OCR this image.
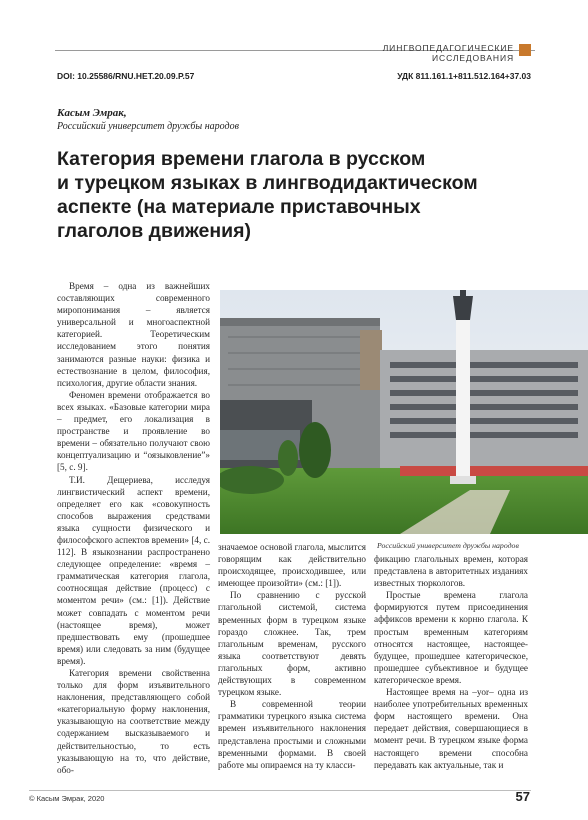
ЛИНГВОПЕДАГОГИЧЕСКИЕ ИССЛЕДОВАНИЯ
DOI: 10.25586/RNU.HET.20.09.P.57	УДК 811.161.1+811.512.164+37.03
Касым Эмрак,
Российский университет дружбы народов
Категория времени глагола в русском
и турецком языках в лингводидактическом
аспекте (на материале приставочных
глаголов движения)

Время – одна из важнейших составляющих современного миропонимания – является универсальной и многоаспектной категорией. Теоретическим исследованием этого понятия занимаются разные науки: физика и естествознание в целом, философия, психология, другие области знания.

Феномен времени отображается во всех языках. «Базовые категории мира – предмет, его локализация в пространстве и проявление во времени – обязательно получают свою концептуализацию и “оязыковление”» [5, с. 9].

Т.И. Дещериева, исследуя лингвистический аспект времени, определяет его как «совокупность способов выражения средствами языка сущности физического и философского аспектов времени» [4, с. 112]. В языкознании распространено следующее определение: «время – грамматическая категория глагола, соотносящая действие (процесс) с моментом речи» (см.: [1]). Действие может совпадать с моментом речи (настоящее время), может предшествовать ему (прошедшее время) или следовать за ним (будущее время).

Категория времени свойственна только для форм изъявительного наклонения, представляющего собой «категориальную форму наклонения, указывающую на соответствие между содержанием высказываемого и действительностью, то есть указывающую на то, что действие, обо-

Российский университет дружбы народов

значаемое основой глагола, мыслится говорящим как действительно происходящее, происходившее, или имеющее произойти» (см.: [1]).

По сравнению с русской глагольной системой, система временных форм в турецком языке гораздо сложнее. Так, трем глагольным временам, русского языка соответствуют девять глагольных форм, активно действующих в современном турецком языке.

В современной теории грамматики турецкого языка система времен изъявительного наклонения представлена простыми и сложными временными формами. В своей работе мы опираемся на ту класси-

фикацию глагольных времен, которая представлена в авторитетных изданиях известных тюркологов.

Простые времена глагола формируются путем присоединения аффиксов времени к корню глагола. К простым временным категориям относятся настоящее, настоящее-будущее, прошедшее категорическое, прошедшее субъективное и будущее категорическое время.

Настоящее время на –yor– одна из наиболее употребительных временных форм настоящего времени. Она передает действия, совершающиеся в момент речи. В турецком языке форма настоящего времени способна передавать как актуальные, так и

© Касым Эмрак, 2020	57
